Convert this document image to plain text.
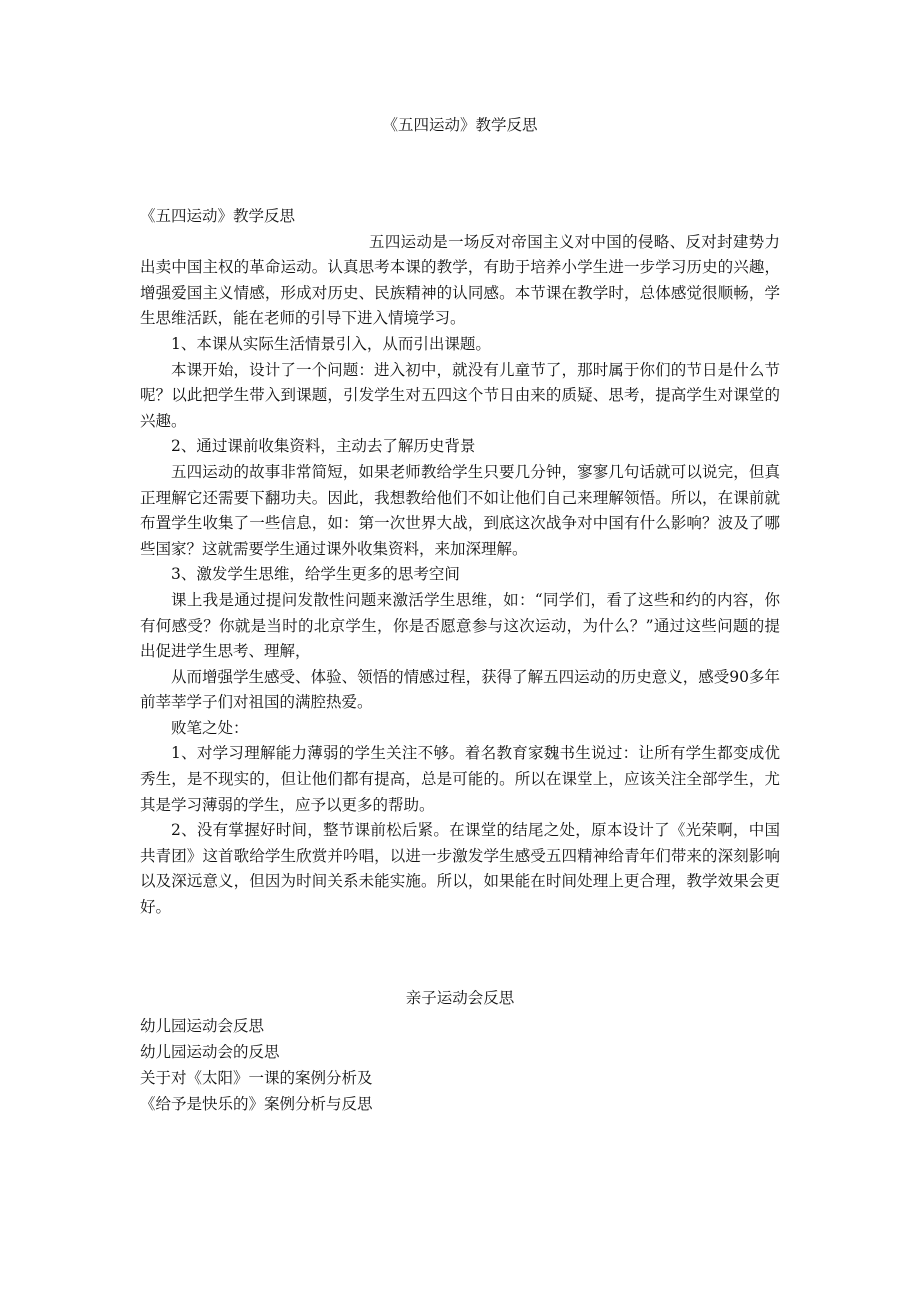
《五四运动》教学反思

《五四运动》教学反思

五四运动是一场反对帝国主义对中国的侵略、反对封建势力出卖中国主权的革命运动。认真思考本课的教学，有助于培养小学生进一步学习历史的兴趣，增强爱国主义情感，形成对历史、民族精神的认同感。本节课在教学时，总体感觉很顺畅，学生思维活跃，能在老师的引导下进入情境学习。

1、本课从实际生活情景引入，从而引出课题。

本课开始，设计了一个问题：进入初中，就没有儿童节了，那时属于你们的节日是什么节呢？以此把学生带入到课题，引发学生对五四这个节日由来的质疑、思考，提高学生对课堂的兴趣。

2、通过课前收集资料，主动去了解历史背景

五四运动的故事非常简短，如果老师教给学生只要几分钟，寥寥几句话就可以说完，但真正理解它还需要下翻功夫。因此，我想教给他们不如让他们自己来理解领悟。所以，在课前就布置学生收集了一些信息，如：第一次世界大战，到底这次战争对中国有什么影响？波及了哪些国家？这就需要学生通过课外收集资料，来加深理解。

3、激发学生思维，给学生更多的思考空间

课上我是通过提问发散性问题来激活学生思维，如：“同学们，看了这些和约的内容，你有何感受？你就是当时的北京学生，你是否愿意参与这次运动，为什么？”通过这些问题的提出促进学生思考、理解，

从而增强学生感受、体验、领悟的情感过程，获得了解五四运动的历史意义，感受90多年前莘莘学子们对祖国的满腔热爱。

败笔之处：

1、对学习理解能力薄弱的学生关注不够。着名教育家魏书生说过：让所有学生都变成优秀生，是不现实的，但让他们都有提高，总是可能的。所以在课堂上，应该关注全部学生，尤其是学习薄弱的学生，应予以更多的帮助。

2、没有掌握好时间，整节课前松后紧。在课堂的结尾之处，原本设计了《光荣啊，中国共青团》这首歌给学生欣赏并吟唱，以进一步激发学生感受五四精神给青年们带来的深刻影响以及深远意义，但因为时间关系未能实施。所以，如果能在时间处理上更合理，教学效果会更好。

亲子运动会反思

幼儿园运动会反思
幼儿园运动会的反思
关于对《太阳》一课的案例分析及
《给予是快乐的》案例分析与反思
